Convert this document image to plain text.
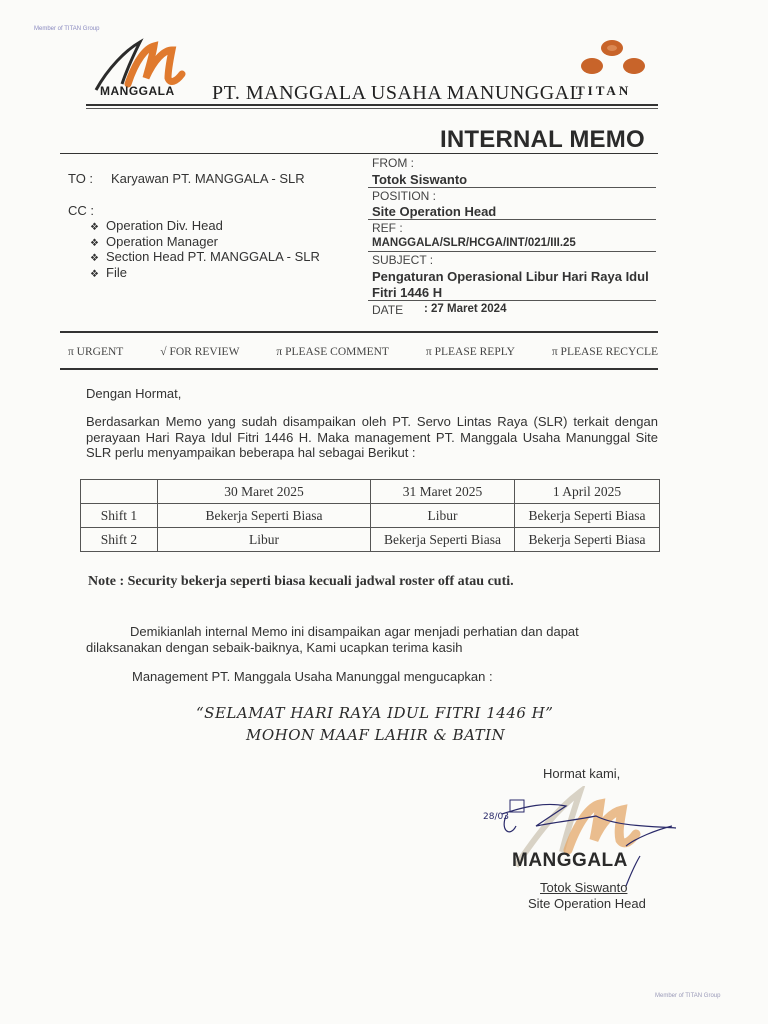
Member of TITAN Group
MANGGALA PT. MANGGALA USAHA MANUNGGAL
TITAN
INTERNAL MEMO
TO : Karyawan PT. MANGGALA - SLR
CC :
❖ Operation Div. Head
❖ Operation Manager
❖ Section Head PT. MANGGALA - SLR
❖ File
FROM :
Totok Siswanto
POSITION :
Site Operation Head
REF :
MANGGALA/SLR/HCGA/INT/021/III.25
SUBJECT :
Pengaturan Operasional Libur Hari Raya Idul Fitri 1446 H
DATE : 27 Maret 2024
π URGENT	√ FOR REVIEW	π PLEASE COMMENT	π PLEASE REPLY	π PLEASE RECYCLE
Dengan Hormat,
Berdasarkan Memo yang sudah disampaikan oleh PT. Servo Lintas Raya (SLR) terkait dengan perayaan Hari Raya Idul Fitri 1446 H. Maka management PT. Manggala Usaha Manunggal Site SLR perlu menyampaikan beberapa hal sebagai Berikut :
	30 Maret 2025	31 Maret 2025	1 April 2025
Shift 1	Bekerja Seperti Biasa	Libur	Bekerja Seperti Biasa
Shift 2	Libur	Bekerja Seperti Biasa	Bekerja Seperti Biasa
Note : Security bekerja seperti biasa kecuali jadwal roster off atau cuti.
Demikianlah internal Memo ini disampaikan agar menjadi perhatian dan dapat
dilaksanakan dengan sebaik-baiknya, Kami ucapkan terima kasih
Management PT. Manggala Usaha Manunggal mengucapkan :
“SELAMAT HARI RAYA IDUL FITRI 1446 H”
MOHON MAAF LAHIR & BATIN
Hormat kami,
28/03
MANGGALA
Totok Siswanto
Site Operation Head
Member of TITAN Group
